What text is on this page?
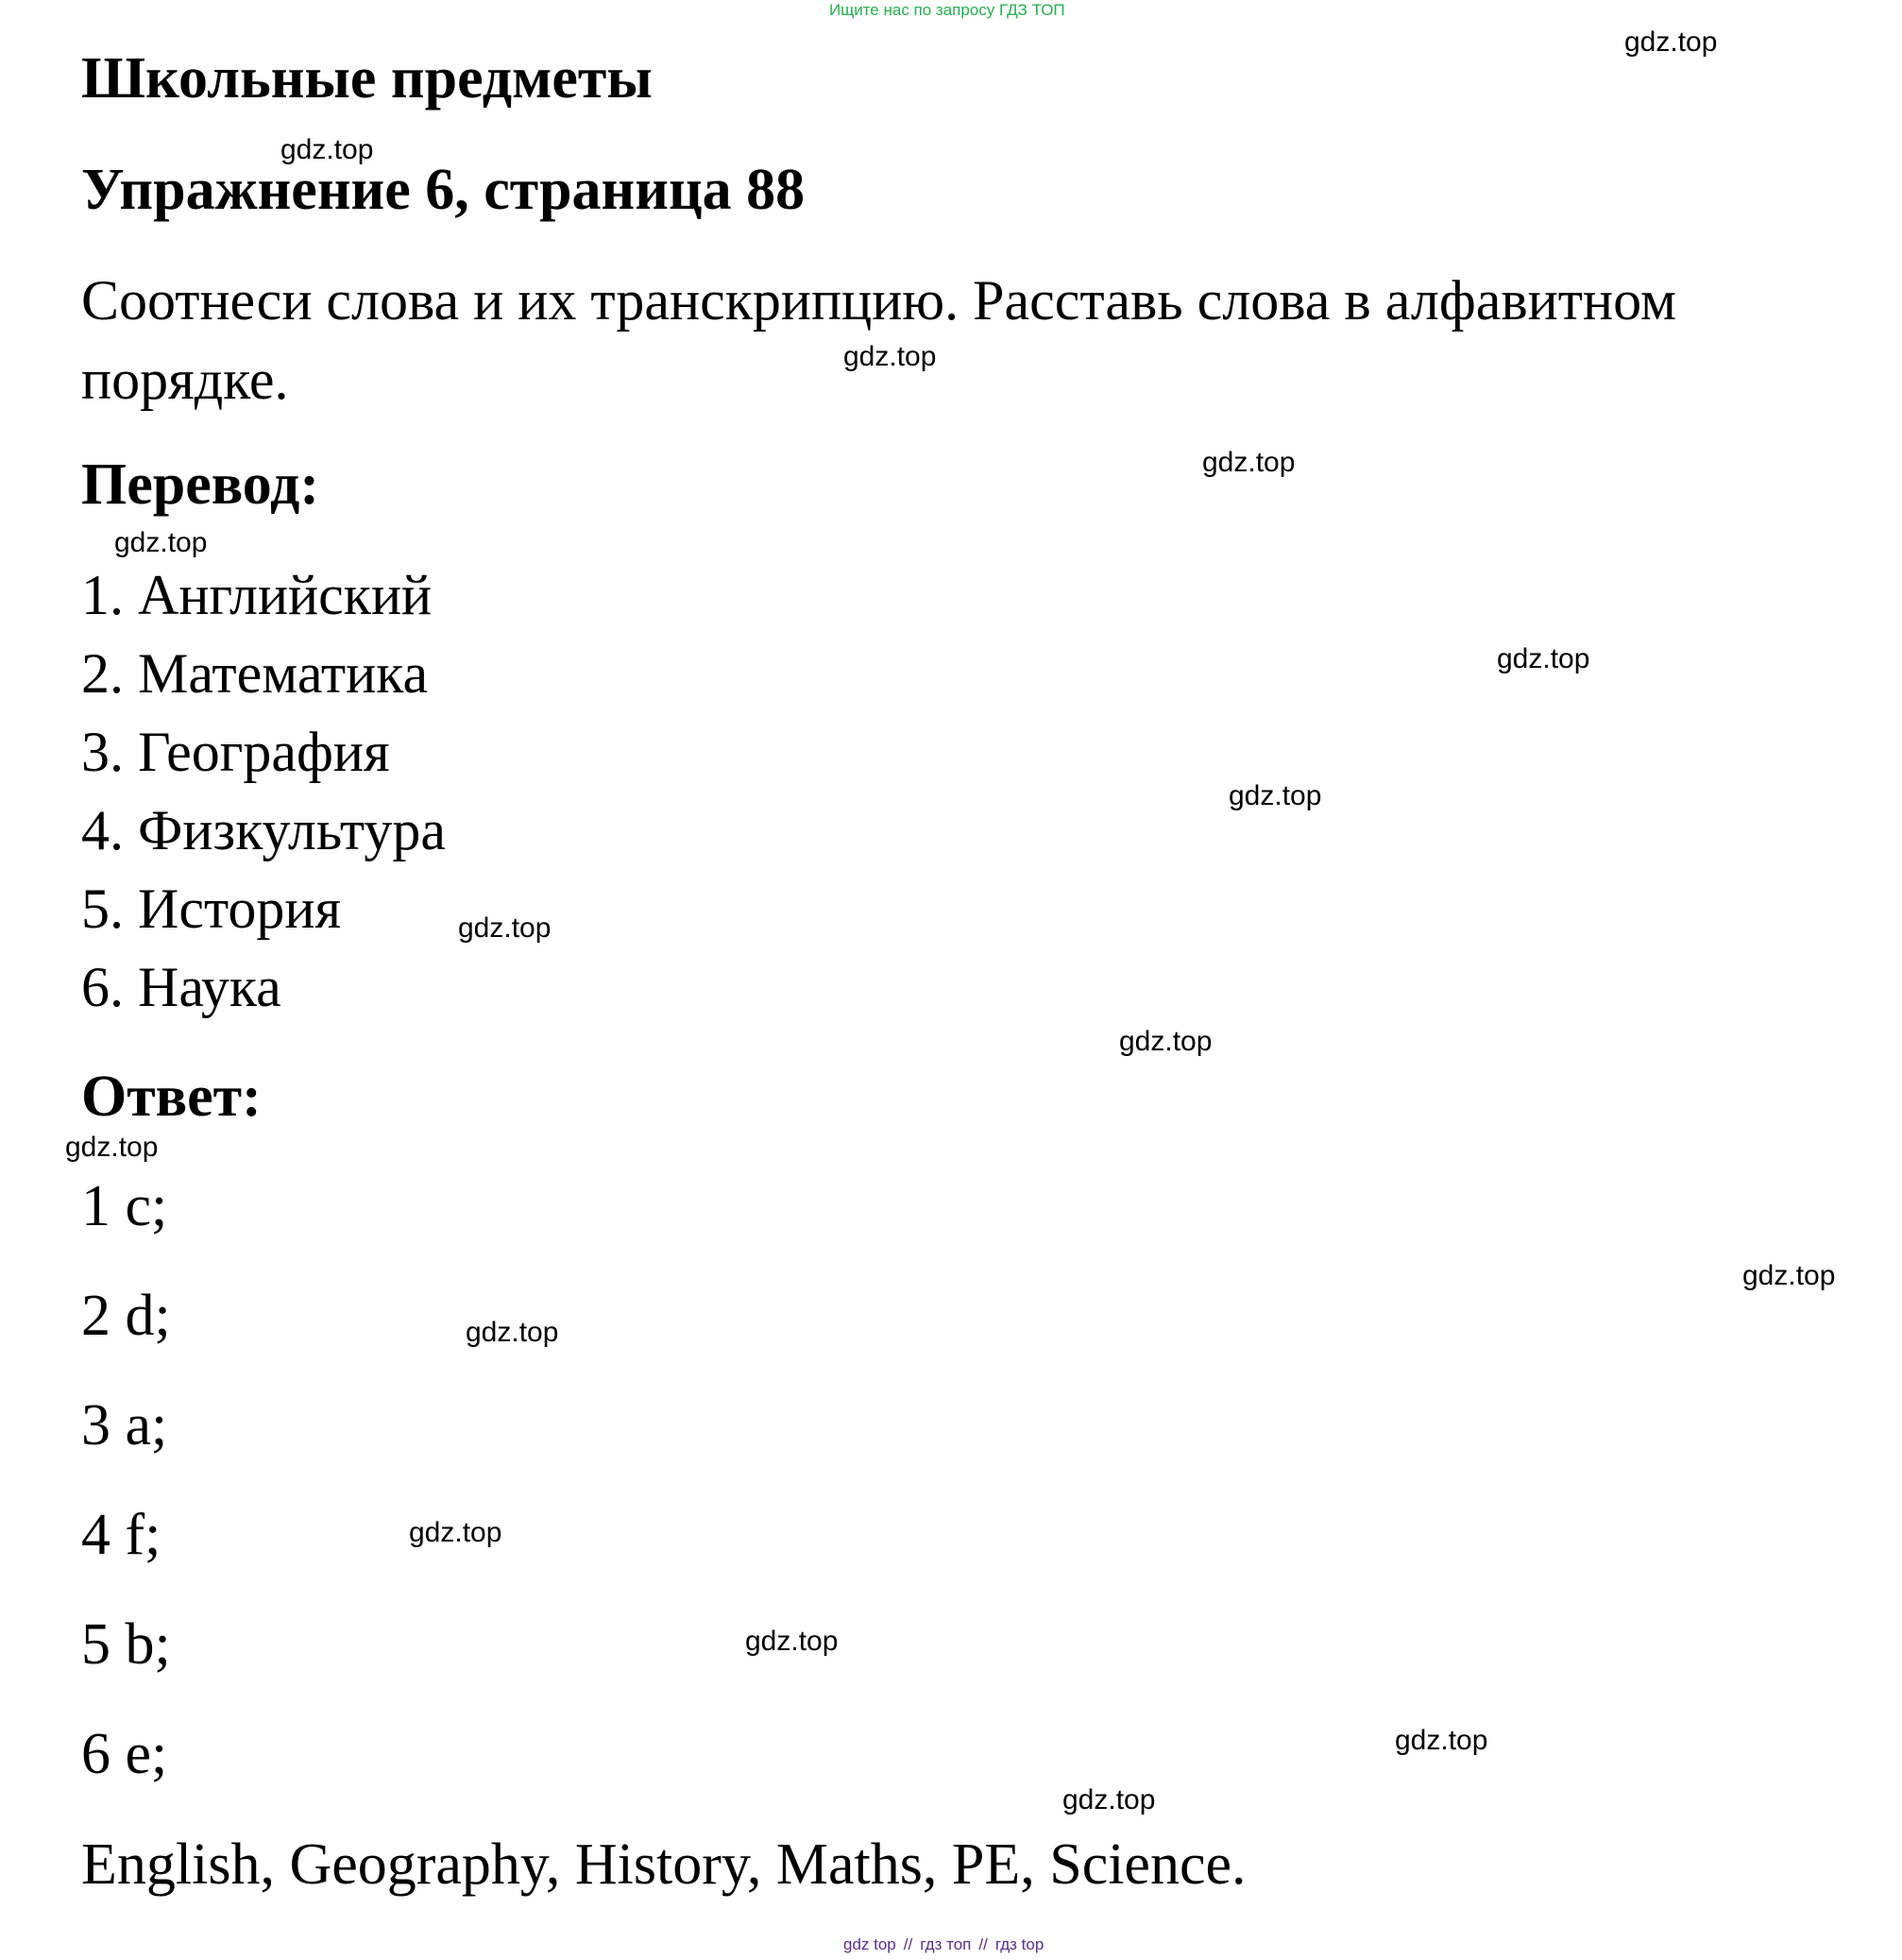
Ищите нас по запросу ГДЗ ТОП
Школьные предметы
Упражнение 6, страница 88
Соотнеси слова и их транскрипцию. Расставь слова в алфавитном порядке.
Перевод:
1. Английский
2. Математика
3. География
4. Физкультура
5. История
6. Наука
Ответ:
1 c;
2 d;
3 a;
4 f;
5 b;
6 e;
English, Geography, History, Maths, PE, Science.
gdz.top
gdz.top
gdz.top
gdz.top
gdz.top
gdz.top
gdz.top
gdz.top
gdz.top
gdz.top
gdz.top
gdz.top
gdz.top
gdz.top
gdz.top
gdz.top
gdz top // гдз топ // гдз top
